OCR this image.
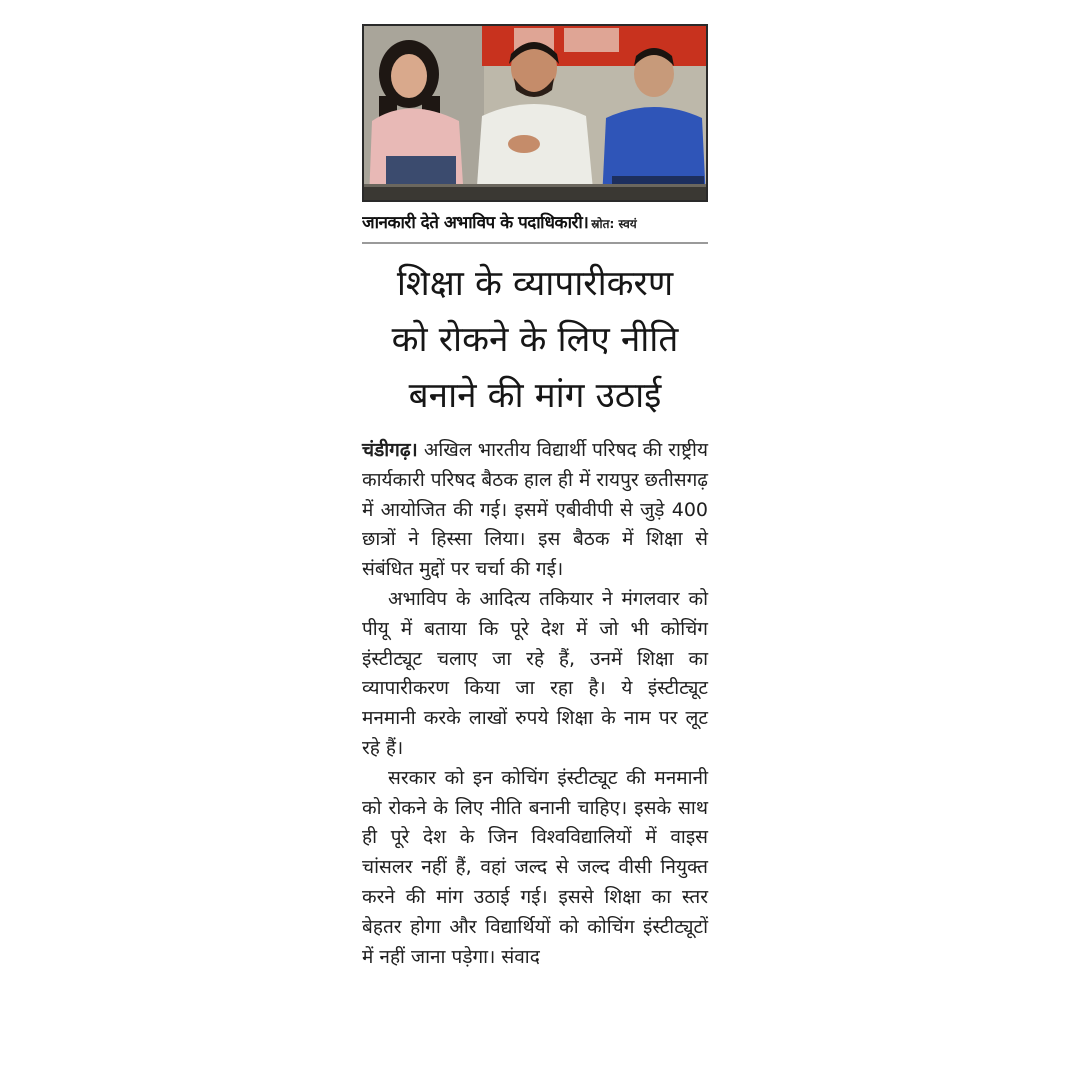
जानकारी देते अभाविप के पदाधिकारी। स्रोत: स्वयं
शिक्षा के व्यापारीकरण
को रोकने के लिए नीति
बनाने की मांग उठाई

चंडीगढ़। अखिल भारतीय विद्यार्थी परिषद की राष्ट्रीय कार्यकारी परिषद बैठक हाल ही में रायपुर छतीसगढ़ में आयोजित की गई। इसमें एबीवीपी से जुड़े 400 छात्रों ने हिस्सा लिया। इस बैठक में शिक्षा से संबंधित मुद्दों पर चर्चा की गई।

अभाविप के आदित्य तकियार ने मंगलवार को पीयू में बताया कि पूरे देश में जो भी कोचिंग इंस्टीट्यूट चलाए जा रहे हैं, उनमें शिक्षा का व्यापारीकरण किया जा रहा है। ये इंस्टीट्यूट मनमानी करके लाखों रुपये शिक्षा के नाम पर लूट रहे हैं।

सरकार को इन कोचिंग इंस्टीट्यूट की मनमानी को रोकने के लिए नीति बनानी चाहिए। इसके साथ ही पूरे देश के जिन विश्वविद्यालियों में वाइस चांसलर नहीं हैं, वहां जल्द से जल्द वीसी नियुक्त करने की मांग उठाई गई। इससे शिक्षा का स्तर बेहतर होगा और विद्यार्थियों को कोचिंग इंस्टीट्यूटों में नहीं जाना पड़ेगा। संवाद
